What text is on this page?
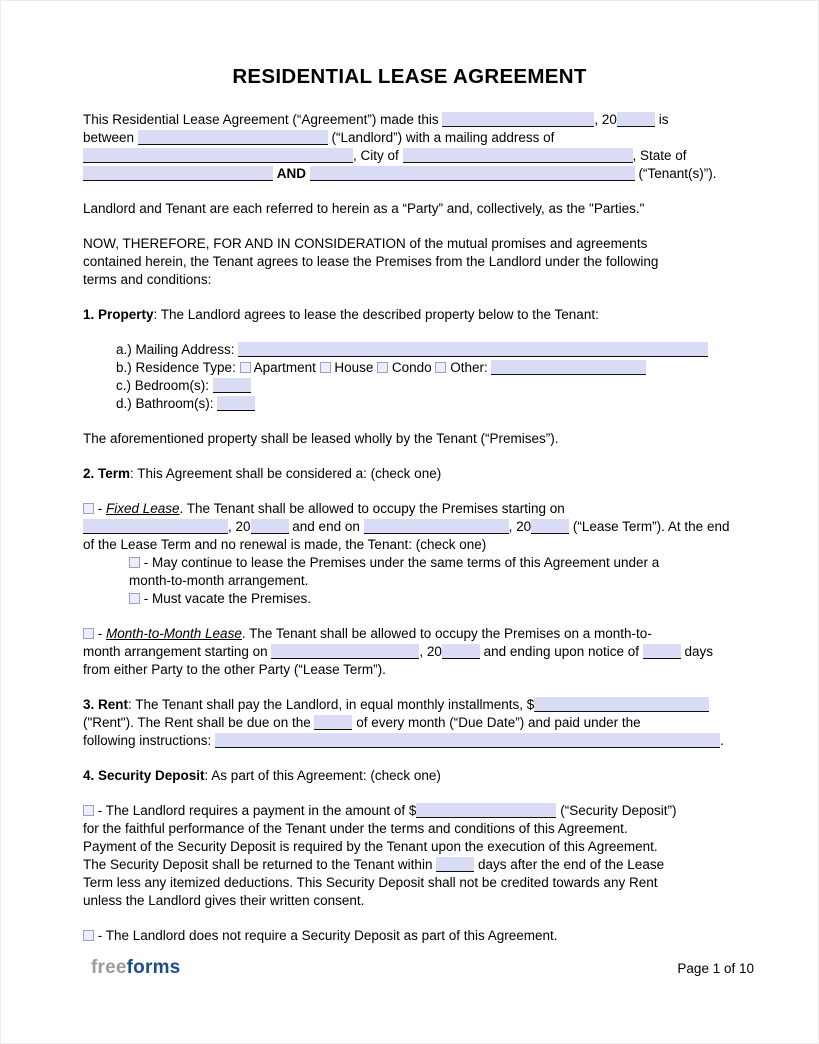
RESIDENTIAL LEASE AGREEMENT
This Residential Lease Agreement (“Agreement”) made this	, 20	is
between	(“Landlord”) with a mailing address of
, City of	, State of
AND	(“Tenant(s)”).
Landlord and Tenant are each referred to herein as a “Party” and, collectively, as the "Parties."
NOW, THEREFORE, FOR AND IN CONSIDERATION of the mutual promises and agreements
contained herein, the Tenant agrees to lease the Premises from the Landlord under the following
terms and conditions:
1. Property: The Landlord agrees to lease the described property below to the Tenant:
a.) Mailing Address:
b.) Residence Type:  Apartment  House  Condo  Other:
c.) Bedroom(s):
d.) Bathroom(s):
The aforementioned property shall be leased wholly by the Tenant (“Premises”).
2. Term: This Agreement shall be considered a: (check one)
- Fixed Lease. The Tenant shall be allowed to occupy the Premises starting on
, 20	and end on	, 20	(“Lease Term”). At the end
of the Lease Term and no renewal is made, the Tenant: (check one)
- May continue to lease the Premises under the same terms of this Agreement under a
month-to-month arrangement.
- Must vacate the Premises.
- Month-to-Month Lease. The Tenant shall be allowed to occupy the Premises on a month-to-
month arrangement starting on	, 20	and ending upon notice of	days
from either Party to the other Party (“Lease Term”).
3. Rent: The Tenant shall pay the Landlord, in equal monthly installments, $
("Rent"). The Rent shall be due on the	of every month (“Due Date”) and paid under the
following instructions:	.
4. Security Deposit: As part of this Agreement: (check one)
- The Landlord requires a payment in the amount of $	(“Security Deposit”)
for the faithful performance of the Tenant under the terms and conditions of this Agreement.
Payment of the Security Deposit is required by the Tenant upon the execution of this Agreement.
The Security Deposit shall be returned to the Tenant within	days after the end of the Lease
Term less any itemized deductions. This Security Deposit shall not be credited towards any Rent
unless the Landlord gives their written consent.
- The Landlord does not require a Security Deposit as part of this Agreement.
freeforms	Page 1 of 10
